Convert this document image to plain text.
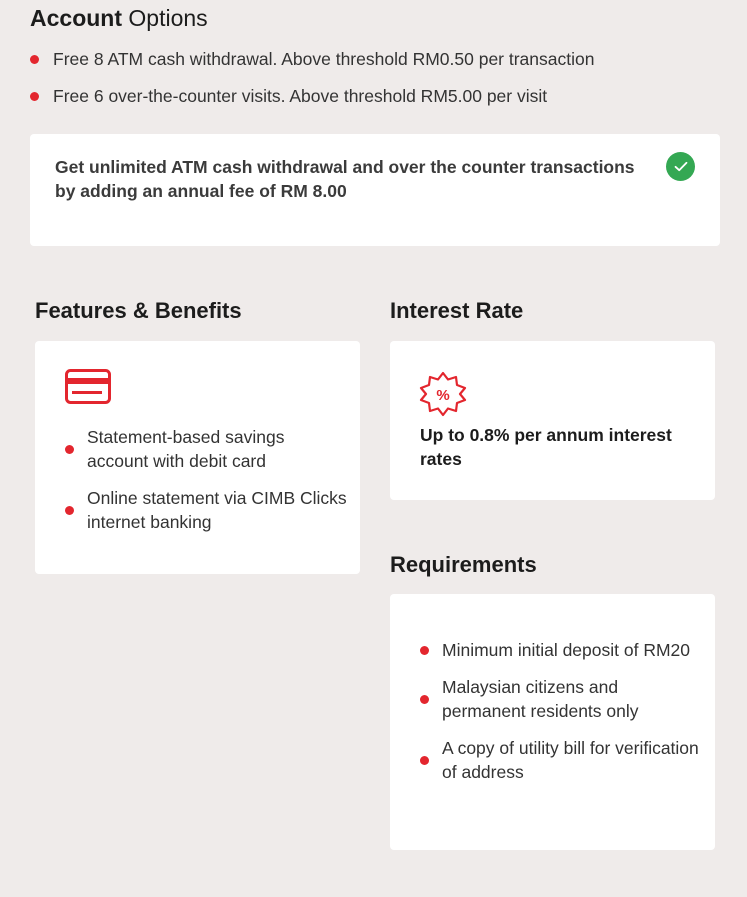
Account Options
Free 8 ATM cash withdrawal. Above threshold RM0.50 per transaction
Free 6 over-the-counter visits. Above threshold RM5.00 per visit

Get unlimited ATM cash withdrawal and over the counter transactions by adding an annual fee of RM 8.00

Features & Benefits	Interest Rate
Requirements
Statement-based savings account with debit card
Online statement via CIMB Clicks internet banking
%

Up to 0.8% per annum interest rates

Minimum initial deposit of RM20
Malaysian citizens and permanent residents only
A copy of utility bill for verification of address
